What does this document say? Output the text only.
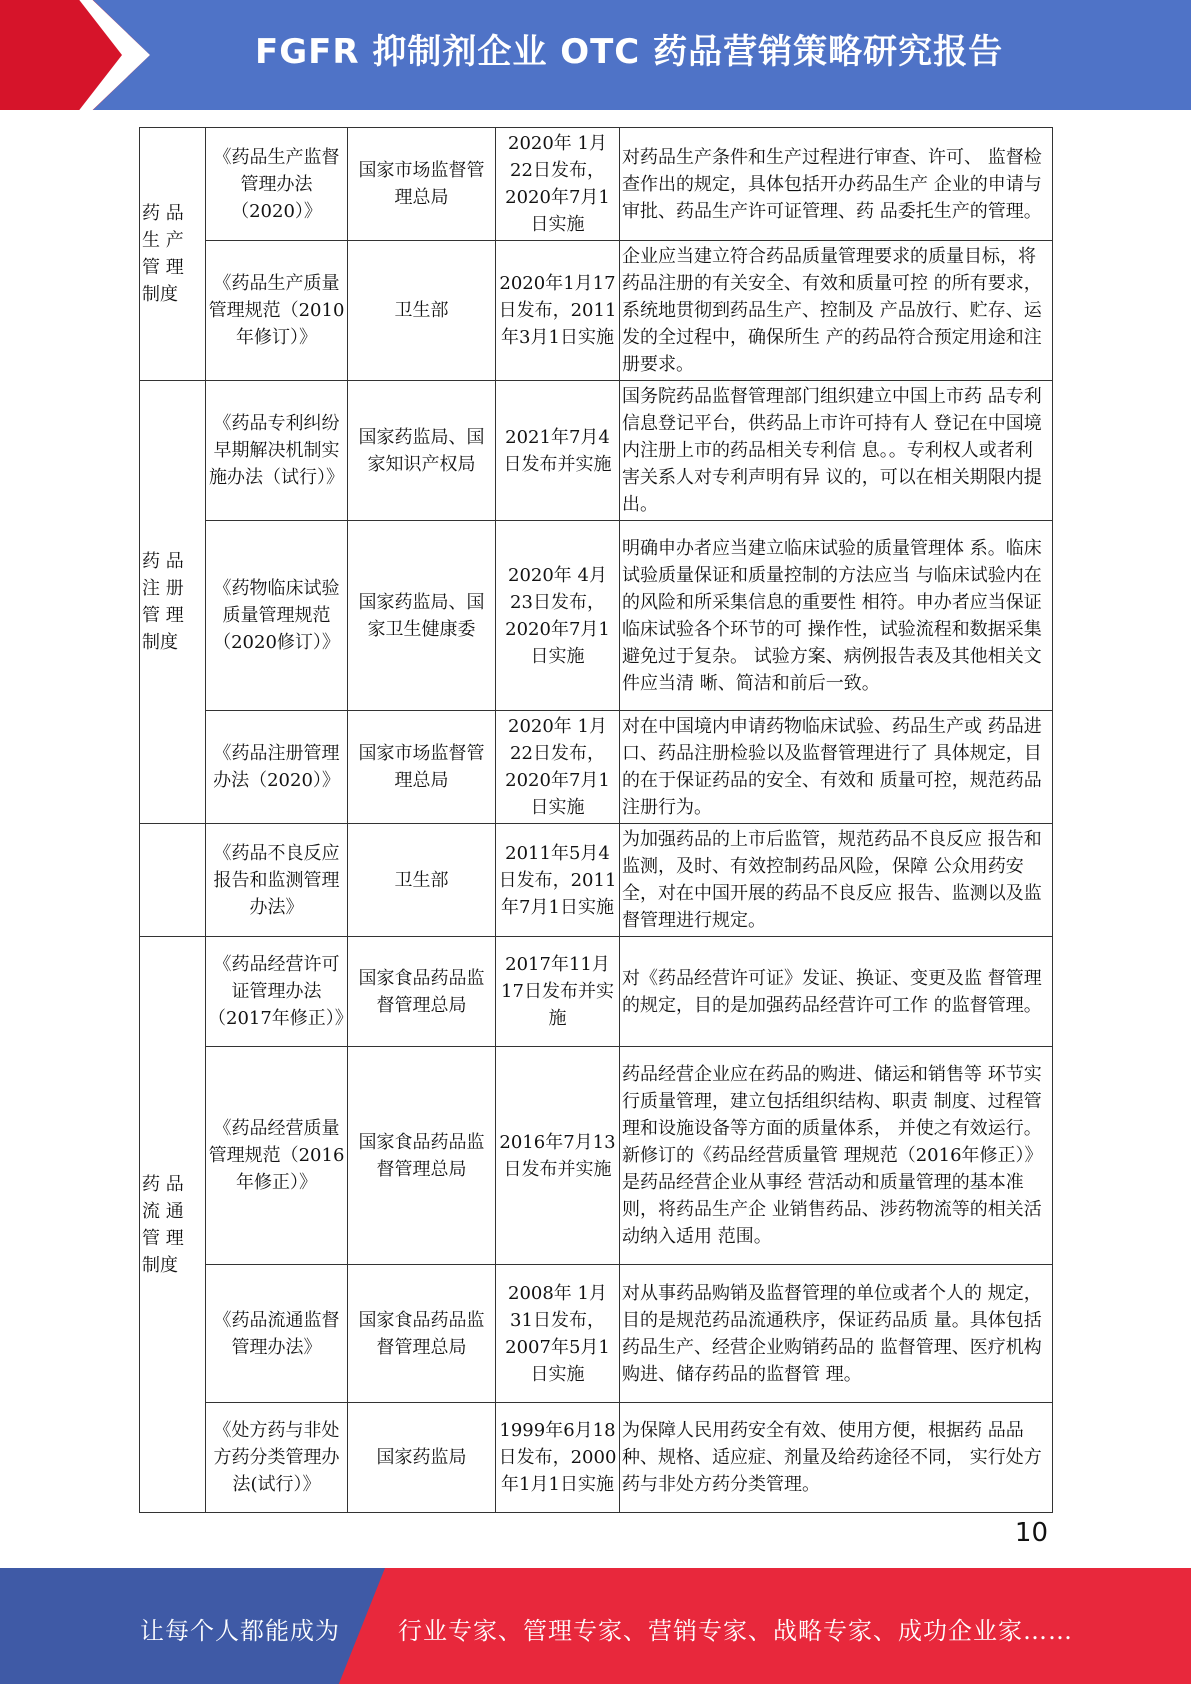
FGFR 抑制剂企业 OTC 药品营销策略研究报告
药 品
生 产
管 理
制度	《药品生产监督管理办法（2020）》	国家市场监督管理总局	2020年 1月22日发布，2020年7月1日实施	对药品生产条件和生产过程进行审查、许可、 监督检查作出的规定，具体包括开办药品生产 企业的申请与审批、药品生产许可证管理、药 品委托生产的管理。
	《药品生产质量管理规范（2010年修订）》	卫生部	2020年1月17日发布，2011年3月1日实施	企业应当建立符合药品质量管理要求的质量目标，将药品注册的有关安全、有效和质量可控 的所有要求，系统地贯彻到药品生产、控制及 产品放行、贮存、运发的全过程中，确保所生 产的药品符合预定用途和注册要求。
药 品
注 册
管 理
制度	《药品专利纠纷早期解决机制实施办法（试行）》	国家药监局、国家知识产权局	2021年7月4日发布并实施	国务院药品监督管理部门组织建立中国上市药 品专利信息登记平台，供药品上市许可持有人 登记在中国境内注册上市的药品相关专利信 息。。专利权人或者利害关系人对专利声明有异 议的，可以在相关期限内提出。
	《药物临床试验质量管理规范（2020修订）》	国家药监局、国家卫生健康委	2020年 4月23日发布，2020年7月1日实施	明确申办者应当建立临床试验的质量管理体 系。临床试验质量保证和质量控制的方法应当 与临床试验内在的风险和所采集信息的重要性 相符。申办者应当保证临床试验各个环节的可 操作性，试验流程和数据采集避免过于复杂。 试验方案、病例报告表及其他相关文件应当清 晰、简洁和前后一致。
	《药品注册管理办法（2020）》	国家市场监督管理总局	2020年 1月22日发布，2020年7月1日实施	对在中国境内申请药物临床试验、药品生产或 药品进口、药品注册检验以及监督管理进行了 具体规定，目的在于保证药品的安全、有效和 质量可控，规范药品注册行为。
	《药品不良反应报告和监测管理办法》	卫生部	2011年5月4日发布，2011年7月1日实施	为加强药品的上市后监管，规范药品不良反应 报告和监测，及时、有效控制药品风险，保障 公众用药安全，对在中国开展的药品不良反应 报告、监测以及监督管理进行规定。
药 品
流 通
管 理
制度	《药品经营许可证管理办法（2017年修正）》	国家食品药品监督管理总局	2017年11月17日发布并实施	对《药品经营许可证》发证、换证、变更及监 督管理的规定，目的是加强药品经营许可工作 的监督管理。
	《药品经营质量管理规范（2016年修正）》	国家食品药品监督管理总局	2016年7月13日发布并实施	药品经营企业应在药品的购进、储运和销售等 环节实行质量管理，建立包括组织结构、职责 制度、过程管理和设施设备等方面的质量体系， 并使之有效运行。新修订的《药品经营质量管 理规范（2016年修正）》是药品经营企业从事经 营活动和质量管理的基本准则，将药品生产企 业销售药品、涉药物流等的相关活动纳入适用 范围。
	《药品流通监督管理办法》	国家食品药品监督管理总局	2008年 1月31日发布，2007年5月1日实施	对从事药品购销及监督管理的单位或者个人的 规定，目的是规范药品流通秩序，保证药品质 量。具体包括药品生产、经营企业购销药品的 监督管理、医疗机构购进、储存药品的监督管 理。
	《处方药与非处方药分类管理办法(试行）》	国家药监局	1999年6月18日发布，2000年1月1日实施	为保障人民用药安全有效、使用方便，根据药 品品种、规格、适应症、剂量及给药途径不同， 实行处方药与非处方药分类管理。
10
让每个人都能成为 行业专家、管理专家、营销专家、战略专家、成功企业家……
